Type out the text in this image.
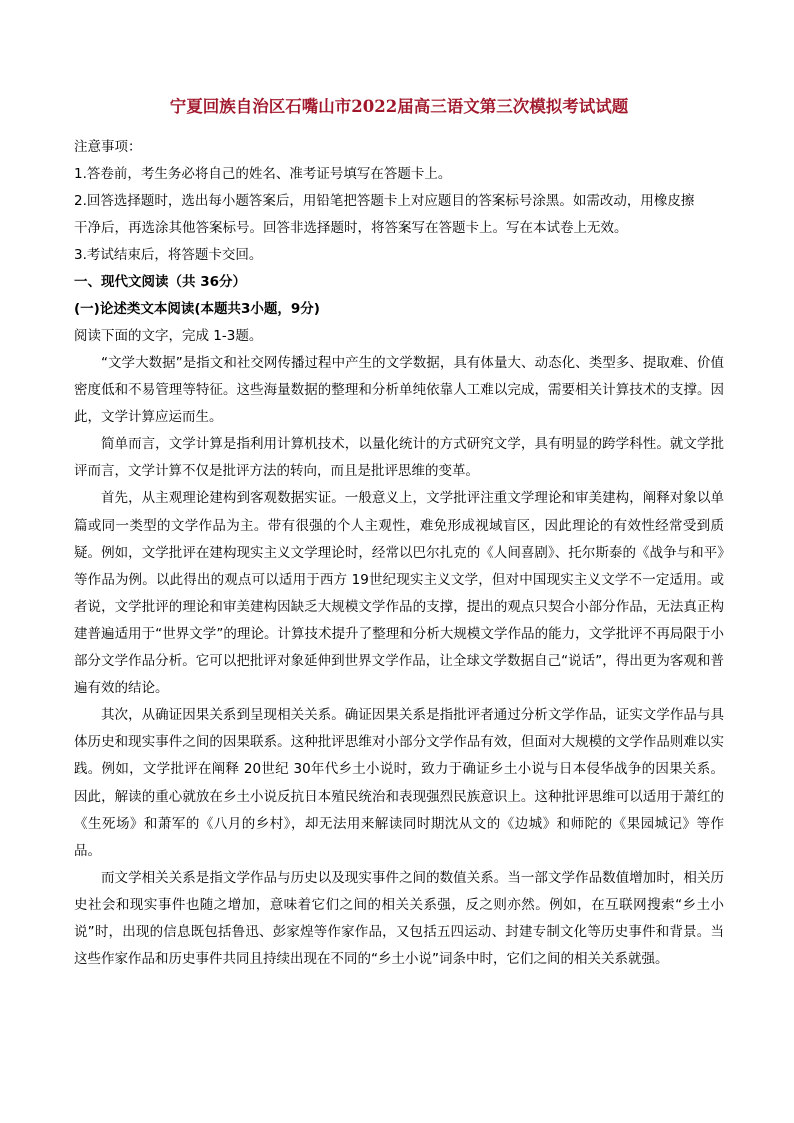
宁夏回族自治区石嘴山市2022届高三语文第三次模拟考试试题
注意事项：
1.答卷前，考生务必将自己的姓名、准考证号填写在答题卡上。
2.回答选择题时，选出每小题答案后，用铅笔把答题卡上对应题目的答案标号涂黑。如需改动，用橡皮擦
干净后，再选涂其他答案标号。回答非选择题时，将答案写在答题卡上。写在本试卷上无效。
3.考试结束后，将答题卡交回。
一、现代文阅读（共 36分）
(一)论述类文本阅读(本题共3小题，9分)
阅读下面的文字，完成 1-3题。

“文学大数据”是指文和社交网传播过程中产生的文学数据，具有体量大、动态化、类型多、提取难、价值密度低和不易管理等特征。这些海量数据的整理和分析单纯依靠人工难以完成，需要相关计算技术的支撑。因此，文学计算应运而生。

简单而言，文学计算是指利用计算机技术，以量化统计的方式研究文学，具有明显的跨学科性。就文学批评而言，文学计算不仅是批评方法的转向，而且是批评思维的变革。

首先，从主观理论建构到客观数据实证。一般意义上，文学批评注重文学理论和审美建构，阐释对象以单篇或同一类型的文学作品为主。带有很强的个人主观性，难免形成视域盲区，因此理论的有效性经常受到质疑。例如，文学批评在建构现实主义文学理论时，经常以巴尔扎克的《人间喜剧》、托尔斯泰的《战争与和平》等作品为例。以此得出的观点可以适用于西方 19世纪现实主义文学，但对中国现实主义文学不一定适用。或者说，文学批评的理论和审美建构因缺乏大规模文学作品的支撑，提出的观点只契合小部分作品，无法真正构建普遍适用于“世界文学”的理论。计算技术提升了整理和分析大规模文学作品的能力，文学批评不再局限于小部分文学作品分析。它可以把批评对象延伸到世界文学作品，让全球文学数据自己“说话”，得出更为客观和普遍有效的结论。

其次，从确证因果关系到呈现相关关系。确证因果关系是指批评者通过分析文学作品，证实文学作品与具体历史和现实事件之间的因果联系。这种批评思维对小部分文学作品有效，但面对大规模的文学作品则难以实践。例如，文学批评在阐释 20世纪 30年代乡土小说时，致力于确证乡土小说与日本侵华战争的因果关系。因此，解读的重心就放在乡土小说反抗日本殖民统治和表现强烈民族意识上。这种批评思维可以适用于萧红的《生死场》和萧军的《八月的乡村》，却无法用来解读同时期沈从文的《边城》和师陀的《果园城记》等作品。

而文学相关关系是指文学作品与历史以及现实事件之间的数值关系。当一部文学作品数值增加时，相关历史社会和现实事件也随之增加，意味着它们之间的相关关系强，反之则亦然。例如，在互联网搜索“乡土小说”时，出现的信息既包括鲁迅、彭家煌等作家作品，又包括五四运动、封建专制文化等历史事件和背景。当这些作家作品和历史事件共同且持续出现在不同的“乡土小说”词条中时，它们之间的相关关系就强。
